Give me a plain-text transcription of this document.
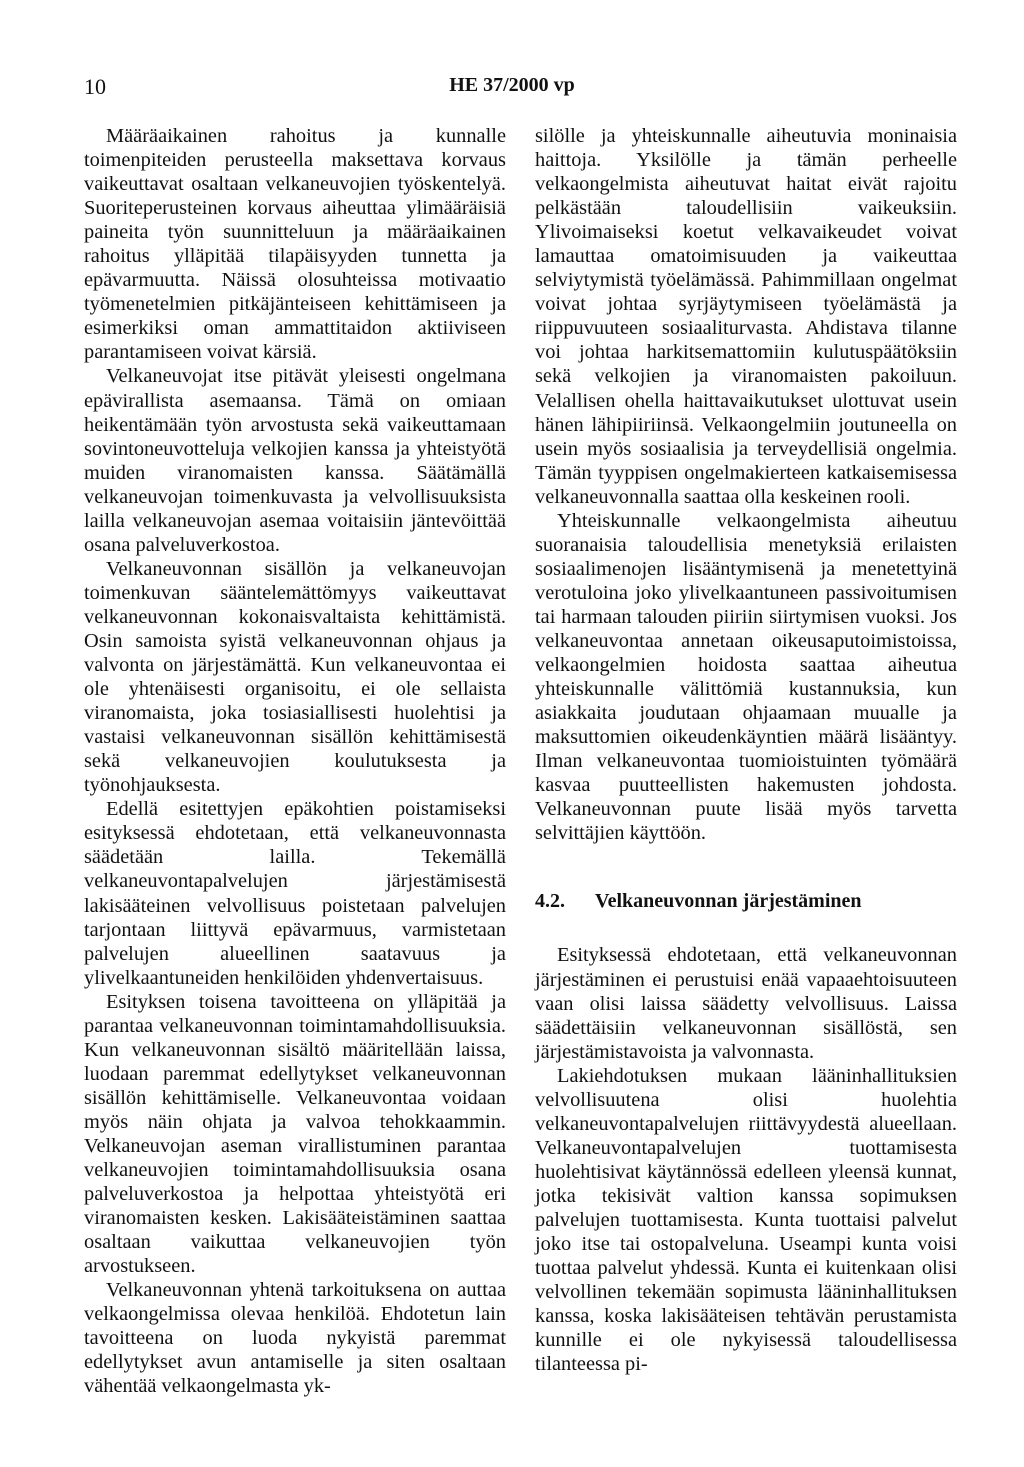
10	HE 37/2000 vp

Määräaikainen rahoitus ja kunnalle toimenpiteiden perusteella maksettava korvaus vaikeuttavat osaltaan velkaneuvojien työskentelyä. Suoriteperusteinen korvaus aiheuttaa ylimääräisiä paineita työn suunnitteluun ja määräaikainen rahoitus ylläpitää tilapäisyyden tunnetta ja epävarmuutta. Näissä olosuhteissa motivaatio työmenetelmien pitkäjänteiseen kehittämiseen ja esimerkiksi oman ammattitaidon aktiiviseen parantamiseen voivat kärsiä.

Velkaneuvojat itse pitävät yleisesti ongelmana epävirallista asemaansa. Tämä on omiaan heikentämään työn arvostusta sekä vaikeuttamaan sovintoneuvotteluja velkojien kanssa ja yhteistyötä muiden viranomaisten kanssa. Säätämällä velkaneuvojan toimenkuvasta ja velvollisuuksista lailla velkaneuvojan asemaa voitaisiin jäntevöittää osana palveluverkostoa.

Velkaneuvonnan sisällön ja velkaneuvojan toimenkuvan sääntelemättömyys vaikeuttavat velkaneuvonnan kokonaisvaltaista kehittämistä. Osin samoista syistä velkaneuvonnan ohjaus ja valvonta on järjestämättä. Kun velkaneuvontaa ei ole yhtenäisesti organisoitu, ei ole sellaista viranomaista, joka tosiasiallisesti huolehtisi ja vastaisi velkaneuvonnan sisällön kehittämisestä sekä velkaneuvojien koulutuksesta ja työnohjauksesta.

Edellä esitettyjen epäkohtien poistamiseksi esityksessä ehdotetaan, että velkaneuvonnasta säädetään lailla. Tekemällä velkaneuvontapalvelujen järjestämisestä lakisääteinen velvollisuus poistetaan palvelujen tarjontaan liittyvä epävarmuus, varmistetaan palvelujen alueellinen saatavuus ja ylivelkaantuneiden henkilöiden yhdenvertaisuus.

Esityksen toisena tavoitteena on ylläpitää ja parantaa velkaneuvonnan toimintamahdollisuuksia. Kun velkaneuvonnan sisältö määritellään laissa, luodaan paremmat edellytykset velkaneuvonnan sisällön kehittämiselle. Velkaneuvontaa voidaan myös näin ohjata ja valvoa tehokkaammin. Velkaneuvojan aseman virallistuminen parantaa velkaneuvojien toimintamahdollisuuksia osana palveluverkostoa ja helpottaa yhteistyötä eri viranomaisten kesken. Lakisääteistäminen saattaa osaltaan vaikuttaa velkaneuvojien työn arvostukseen.

Velkaneuvonnan yhtenä tarkoituksena on auttaa velkaongelmissa olevaa henkilöä. Ehdotetun lain tavoitteena on luoda nykyistä paremmat edellytykset avun antamiselle ja siten osaltaan vähentää velkaongelmasta yk-

silölle ja yhteiskunnalle aiheutuvia moninaisia haittoja. Yksilölle ja tämän perheelle velkaongelmista aiheutuvat haitat eivät rajoitu pelkästään taloudellisiin vaikeuksiin. Ylivoimaiseksi koetut velkavaikeudet voivat lamauttaa omatoimisuuden ja vaikeuttaa selviytymistä työelämässä. Pahimmillaan ongelmat voivat johtaa syrjäytymiseen työelämästä ja riippuvuuteen sosiaaliturvasta. Ahdistava tilanne voi johtaa harkitsemattomiin kulutuspäätöksiin sekä velkojien ja viranomaisten pakoiluun. Velallisen ohella haittavaikutukset ulottuvat usein hänen lähipiiriinsä. Velkaongelmiin joutuneella on usein myös sosiaalisia ja terveydellisiä ongelmia. Tämän tyyppisen ongelmakierteen katkaisemisessa velkaneuvonnalla saattaa olla keskeinen rooli.

Yhteiskunnalle velkaongelmista aiheutuu suoranaisia taloudellisia menetyksiä erilaisten sosiaalimenojen lisääntymisenä ja menetettyinä verotuloina joko ylivelkaantuneen passivoitumisen tai harmaan talouden piiriin siirtymisen vuoksi. Jos velkaneuvontaa annetaan oikeusaputoimistoissa, velkaongelmien hoidosta saattaa aiheutua yhteiskunnalle välittömiä kustannuksia, kun asiakkaita joudutaan ohjaamaan muualle ja maksuttomien oikeudenkäyntien määrä lisääntyy. Ilman velkaneuvontaa tuomioistuinten työmäärä kasvaa puutteellisten hakemusten johdosta. Velkaneuvonnan puute lisää myös tarvetta selvittäjien käyttöön.

4.2.	Velkaneuvonnan järjestäminen

Esityksessä ehdotetaan, että velkaneuvonnan järjestäminen ei perustuisi enää vapaaehtoisuuteen vaan olisi laissa säädetty velvollisuus. Laissa säädettäisiin velkaneuvonnan sisällöstä, sen järjestämistavoista ja valvonnasta.

Lakiehdotuksen mukaan lääninhallituksien velvollisuutena olisi huolehtia velkaneuvontapalvelujen riittävyydestä alueellaan. Velkaneuvontapalvelujen tuottamisesta huolehtisivat käytännössä edelleen yleensä kunnat, jotka tekisivät valtion kanssa sopimuksen palvelujen tuottamisesta. Kunta tuottaisi palvelut joko itse tai ostopalveluna. Useampi kunta voisi tuottaa palvelut yhdessä. Kunta ei kuitenkaan olisi velvollinen tekemään sopimusta lääninhallituksen kanssa, koska lakisääteisen tehtävän perustamista kunnille ei ole nykyisessä taloudellisessa tilanteessa pi-
